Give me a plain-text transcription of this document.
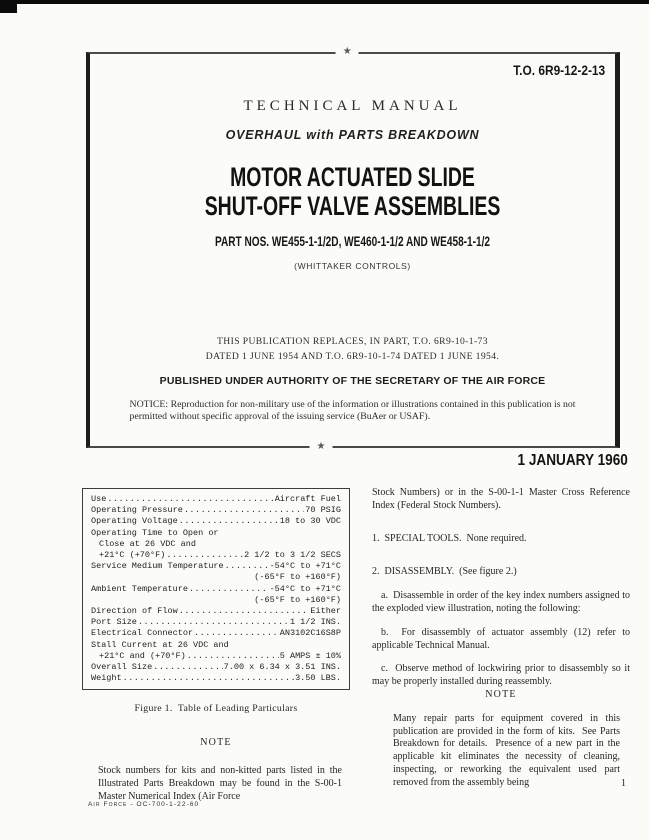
★
★
T.O. 6R9-12-2-13
TECHNICAL MANUAL
OVERHAUL with PARTS BREAKDOWN
MOTOR ACTUATED SLIDE
SHUT-OFF VALVE ASSEMBLIES
PART NOS. WE455-1-1/2D, WE460-1-1/2 AND WE458-1-1/2
(WHITTAKER CONTROLS)
THIS PUBLICATION REPLACES, IN PART, T.O. 6R9-10-1-73
DATED 1 JUNE 1954 AND T.O. 6R9-10-1-74 DATED 1 JUNE 1954.
PUBLISHED UNDER AUTHORITY OF THE SECRETARY OF THE AIR FORCE
NOTICE: Reproduction for non-military use of the information or illustrations contained in this publication is not permitted without specific approval of the issuing service (BuAer or USAF).
1 JANUARY 1960
Use .....	Aircraft Fuel
Operating Pressure .....	70 PSIG
Operating Voltage .....	18 to 30 VDC
Operating Time to Open or
Close at 26 VDC and
+21°C (+70°F) .....	2 1/2 to 3 1/2 SECS
Service Medium Temperature .....	-54°C to +71°C
(-65°F to +160°F)
Ambient Temperature .....	-54°C to +71°C
(-65°F to +160°F)
Direction of Flow .....	Either
Port Size .....	1 1/2 INS.
Electrical Connector .....	AN3102C16S8P
Stall Current at 26 VDC and
+21°C and (+70°F) .....	5 AMPS ± 10%
Overall Size .....	7.00 x 6.34 x 3.51 INS.
Weight .....	3.50 LBS.
Figure 1.  Table of Leading Particulars
NOTE
Stock numbers for kits and non-kitted parts listed in the Illustrated Parts Breakdown may be found in the S-00-1 Master Numerical Index (Air Force

Stock Numbers) or in the S-00-1-1 Master Cross Reference Index (Federal Stock Numbers).

1.  SPECIAL TOOLS.  None required.

2.  DISASSEMBLY.  (See figure 2.)

a.  Disassemble in order of the key index numbers assigned to the exploded view illustration, noting the following:

b.  For disassembly of actuator assembly (12) refer to applicable Technical Manual.

c.  Observe method of lockwiring prior to disassembly so it may be properly installed during reassembly.

NOTE

Many repair parts for equipment covered in this publication are provided in the form of kits.  See Parts Breakdown for details.  Presence of a new part in the applicable kit eliminates the necessity of cleaning, inspecting, or reworking the equivalent used part removed from the assembly being	1
Air Force - OC-700-1-22-60
